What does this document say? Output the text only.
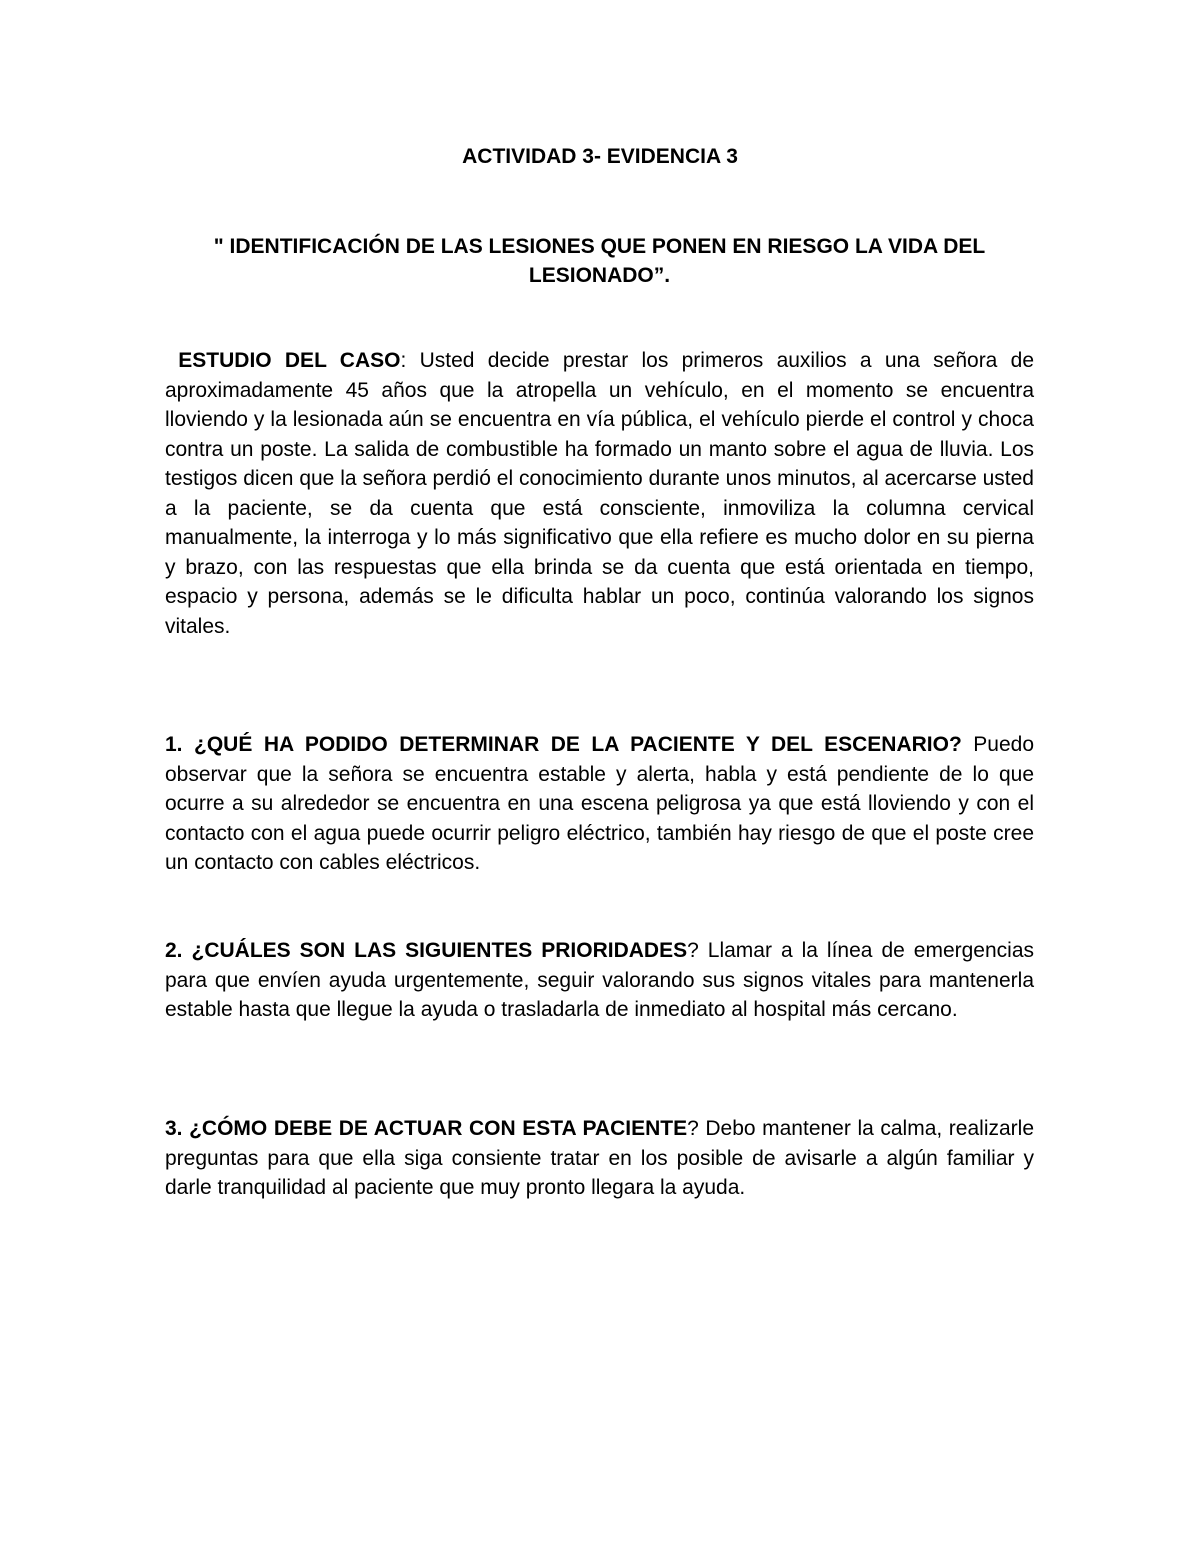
ACTIVIDAD 3- EVIDENCIA 3
" IDENTIFICACIÓN DE LAS LESIONES QUE PONEN EN RIESGO LA VIDA DEL LESIONADO”.

ESTUDIO DEL CASO: Usted decide prestar los primeros auxilios a una señora de aproximadamente 45 años que la atropella un vehículo, en el momento se encuentra lloviendo y la lesionada aún se encuentra en vía pública, el vehículo pierde el control y choca contra un poste. La salida de combustible ha formado un manto sobre el agua de lluvia. Los testigos dicen que la señora perdió el conocimiento durante unos minutos, al acercarse usted a la paciente, se da cuenta que está consciente, inmoviliza la columna cervical manualmente, la interroga y lo más significativo que ella refiere es mucho dolor en su pierna y brazo, con las respuestas que ella brinda se da cuenta que está orientada en tiempo, espacio y persona, además se le dificulta hablar un poco, continúa valorando los signos vitales.

1. ¿QUÉ HA PODIDO DETERMINAR DE LA PACIENTE Y DEL ESCENARIO? Puedo observar que la señora se encuentra estable y alerta, habla y está pendiente de lo que ocurre a su alrededor se encuentra en una escena peligrosa ya que está lloviendo y con el contacto con el agua puede ocurrir peligro eléctrico, también hay riesgo de que el poste cree un contacto con cables eléctricos.

2. ¿CUÁLES SON LAS SIGUIENTES PRIORIDADES? Llamar a la línea de emergencias para que envíen ayuda urgentemente, seguir valorando sus signos vitales para mantenerla estable hasta que llegue la ayuda o trasladarla de inmediato al hospital más cercano.

3. ¿CÓMO DEBE DE ACTUAR CON ESTA PACIENTE? Debo mantener la calma, realizarle preguntas para que ella siga consiente tratar en los posible de avisarle a algún familiar y darle tranquilidad al paciente que muy pronto llegara la ayuda.
